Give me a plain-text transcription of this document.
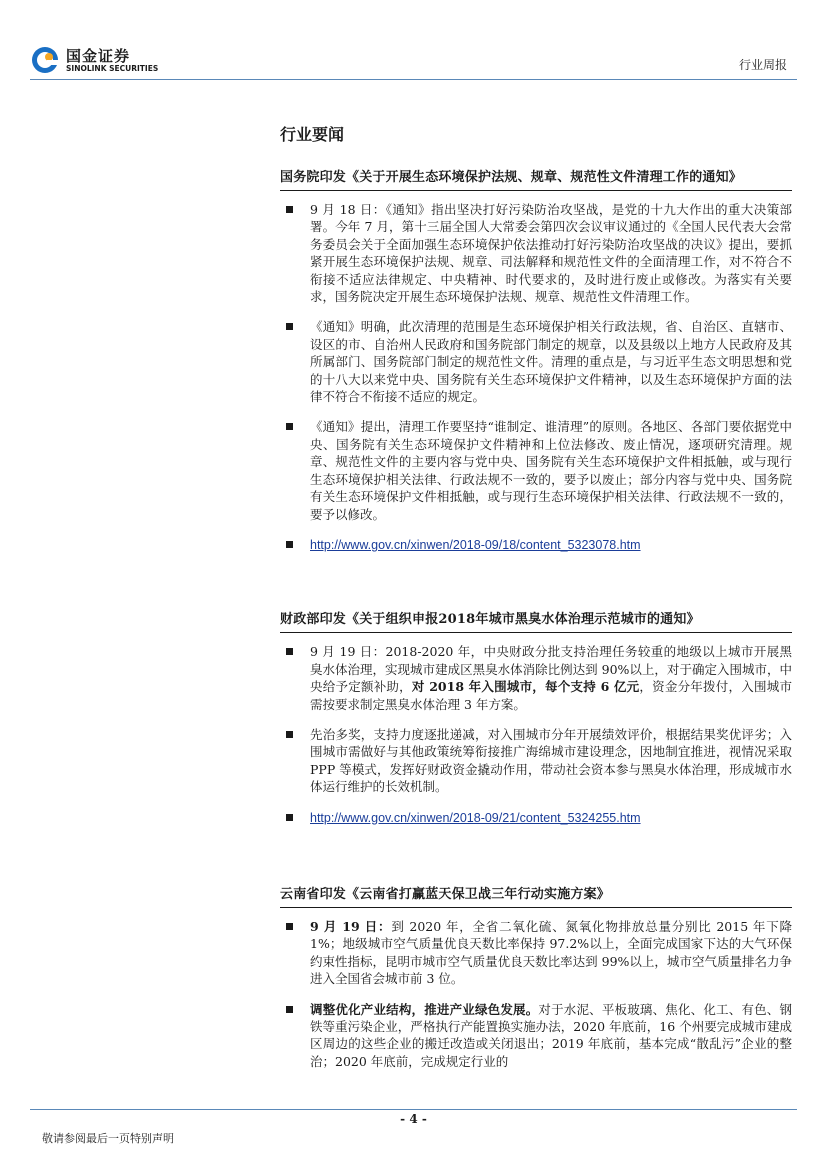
国金证券
SINOLINK SECURITIES	行业周报
行业要闻
国务院印发《关于开展生态环境保护法规、规章、规范性文件清理工作的通知》
9 月 18 日：《通知》指出坚决打好污染防治攻坚战，是党的十九大作出的重大决策部署。今年 7 月，第十三届全国人大常委会第四次会议审议通过的《全国人民代表大会常务委员会关于全面加强生态环境保护依法推动打好污染防治攻坚战的决议》提出，要抓紧开展生态环境保护法规、规章、司法解释和规范性文件的全面清理工作，对不符合不衔接不适应法律规定、中央精神、时代要求的，及时进行废止或修改。为落实有关要求，国务院决定开展生态环境保护法规、规章、规范性文件清理工作。
《通知》明确，此次清理的范围是生态环境保护相关行政法规，省、自治区、直辖市、设区的市、自治州人民政府和国务院部门制定的规章，以及县级以上地方人民政府及其所属部门、国务院部门制定的规范性文件。清理的重点是，与习近平生态文明思想和党的十八大以来党中央、国务院有关生态环境保护文件精神，以及生态环境保护方面的法律不符合不衔接不适应的规定。
《通知》提出，清理工作要坚持“谁制定、谁清理”的原则。各地区、各部门要依据党中央、国务院有关生态环境保护文件精神和上位法修改、废止情况，逐项研究清理。规章、规范性文件的主要内容与党中央、国务院有关生态环境保护文件相抵触，或与现行生态环境保护相关法律、行政法规不一致的，要予以废止；部分内容与党中央、国务院有关生态环境保护文件相抵触，或与现行生态环境保护相关法律、行政法规不一致的，要予以修改。
http://www.gov.cn/xinwen/2018-09/18/content_5323078.htm
财政部印发《关于组织申报2018年城市黑臭水体治理示范城市的通知》
9 月 19 日：2018-2020 年，中央财政分批支持治理任务较重的地级以上城市开展黑臭水体治理，实现城市建成区黑臭水体消除比例达到 90%以上，对于确定入围城市，中央给予定额补助，对 2018 年入围城市，每个支持 6 亿元，资金分年拨付，入围城市需按要求制定黑臭水体治理 3 年方案。
先治多奖，支持力度逐批递减，对入围城市分年开展绩效评价，根据结果奖优评劣；入围城市需做好与其他政策统筹衔接推广海绵城市建设理念，因地制宜推进，视情况采取 PPP 等模式，发挥好财政资金撬动作用，带动社会资本参与黑臭水体治理，形成城市水体运行维护的长效机制。
http://www.gov.cn/xinwen/2018-09/21/content_5324255.htm
云南省印发《云南省打赢蓝天保卫战三年行动实施方案》
9 月 19 日：到 2020 年，全省二氧化硫、氮氧化物排放总量分别比 2015 年下降 1%；地级城市空气质量优良天数比率保持 97.2%以上，全面完成国家下达的大气环保约束性指标，昆明市城市空气质量优良天数比率达到 99%以上，城市空气质量排名力争进入全国省会城市前 3 位。
调整优化产业结构，推进产业绿色发展。对于水泥、平板玻璃、焦化、化工、有色、钢铁等重污染企业，严格执行产能置换实施办法，2020 年底前，16 个州要完成城市建成区周边的这些企业的搬迁改造或关闭退出；2019 年底前，基本完成“散乱污”企业的整治；2020 年底前，完成规定行业的
- 4 -
敬请参阅最后一页特别声明
